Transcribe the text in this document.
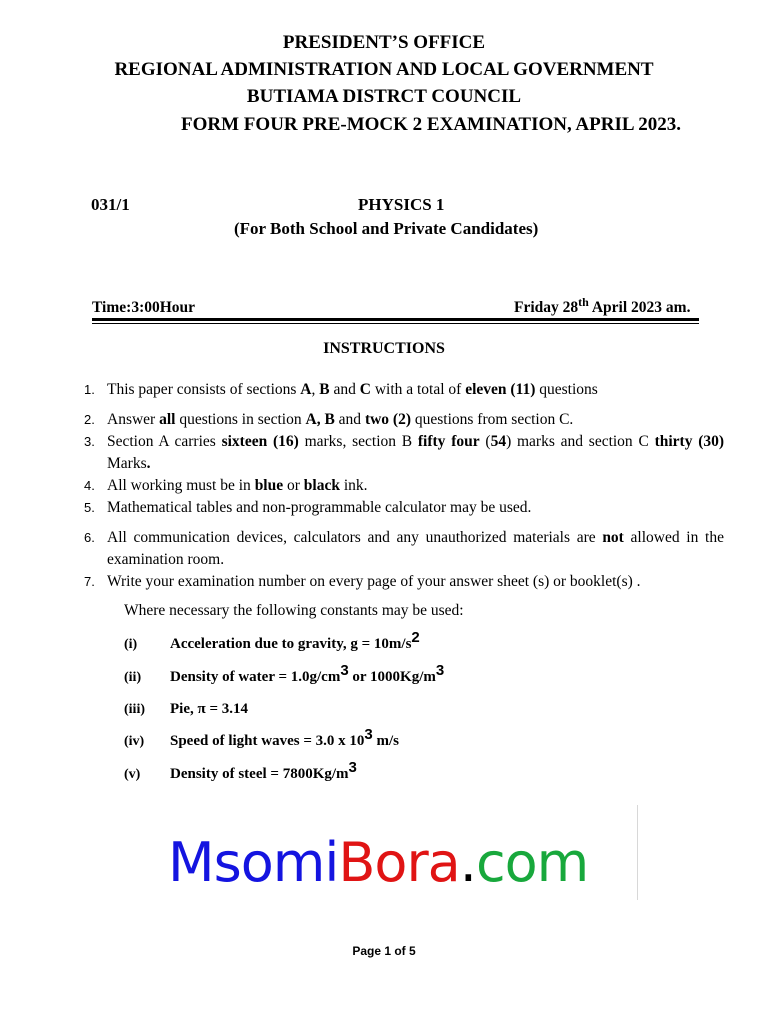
PRESIDENT’S OFFICE
REGIONAL ADMINISTRATION AND LOCAL GOVERNMENT
BUTIAMA DISTRCT COUNCIL
FORM FOUR PRE-MOCK 2 EXAMINATION, APRIL 2023.
031/1	PHYSICS 1
(For Both School and Private Candidates)
Time:3:00Hour	Friday 28th April 2023 am.
INSTRUCTIONS
1. This paper consists of sections A, B and C with a total of eleven (11) questions
2. Answer all questions in section A, B and two (2) questions from section C.
3. Section A carries sixteen (16) marks, section B fifty four (54) marks and section C thirty (30) Marks.
4. All working must be in blue or black ink.
5. Mathematical tables and non-programmable calculator may be used.
6. All communication devices, calculators and any unauthorized materials are not allowed in the examination room.
7. Write your examination number on every page of your answer sheet (s) or booklet(s) .
Where necessary the following constants may be used:
(i) Acceleration due to gravity, g = 10m/s2
(ii) Density of water = 1.0g/cm3 or 1000Kg/m3
(iii) Pie, π = 3.14
(iv) Speed of light waves = 3.0 x 103 m/s
(v) Density of steel = 7800Kg/m3
MsomiBora.com
Page 1 of 5
